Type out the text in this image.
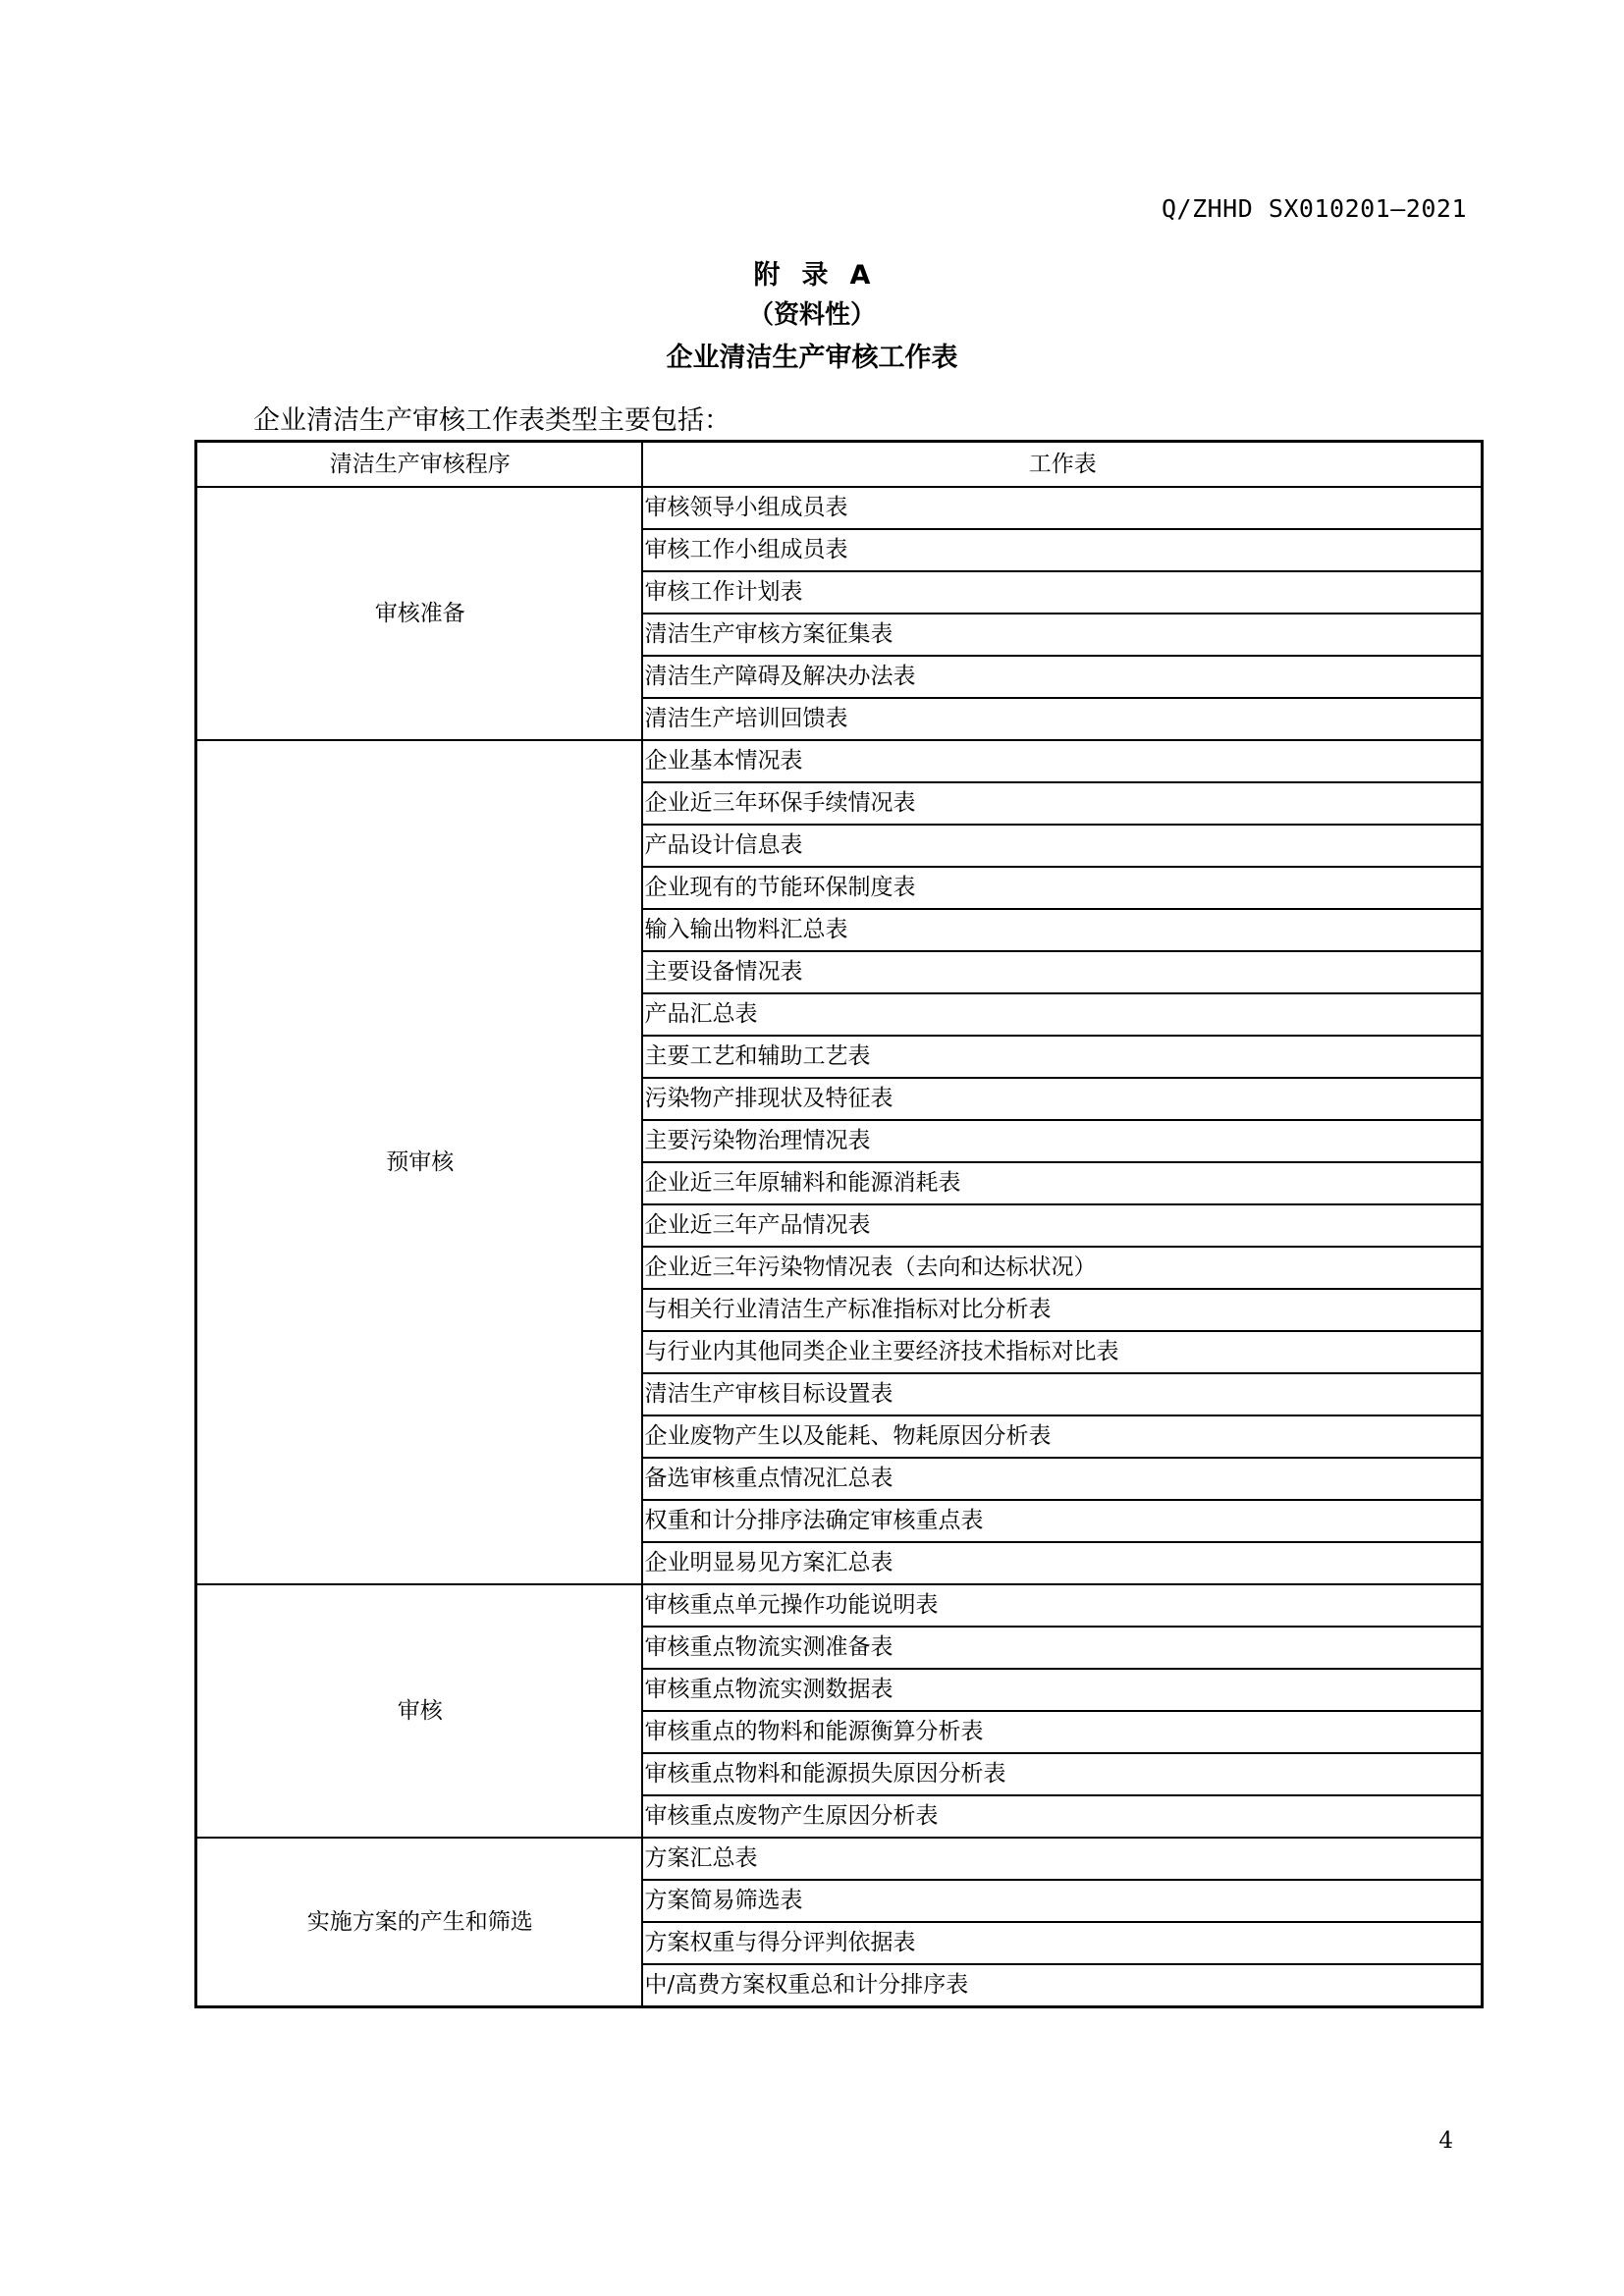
Q/ZHHD SX010201—2021
附 录 A
（资料性）
企业清洁生产审核工作表
企业清洁生产审核工作表类型主要包括：
清洁生产审核程序	工作表
审核准备	审核领导小组成员表
	审核工作小组成员表
	审核工作计划表
	清洁生产审核方案征集表
	清洁生产障碍及解决办法表
	清洁生产培训回馈表
预审核	企业基本情况表
	企业近三年环保手续情况表
	产品设计信息表
	企业现有的节能环保制度表
	输入输出物料汇总表
	主要设备情况表
	产品汇总表
	主要工艺和辅助工艺表
	污染物产排现状及特征表
	主要污染物治理情况表
	企业近三年原辅料和能源消耗表
	企业近三年产品情况表
	企业近三年污染物情况表（去向和达标状况）
	与相关行业清洁生产标准指标对比分析表
	与行业内其他同类企业主要经济技术指标对比表
	清洁生产审核目标设置表
	企业废物产生以及能耗、物耗原因分析表
	备选审核重点情况汇总表
	权重和计分排序法确定审核重点表
	企业明显易见方案汇总表
审核	审核重点单元操作功能说明表
	审核重点物流实测准备表
	审核重点物流实测数据表
	审核重点的物料和能源衡算分析表
	审核重点物料和能源损失原因分析表
	审核重点废物产生原因分析表
实施方案的产生和筛选	方案汇总表
	方案简易筛选表
	方案权重与得分评判依据表
	中/高费方案权重总和计分排序表
4
